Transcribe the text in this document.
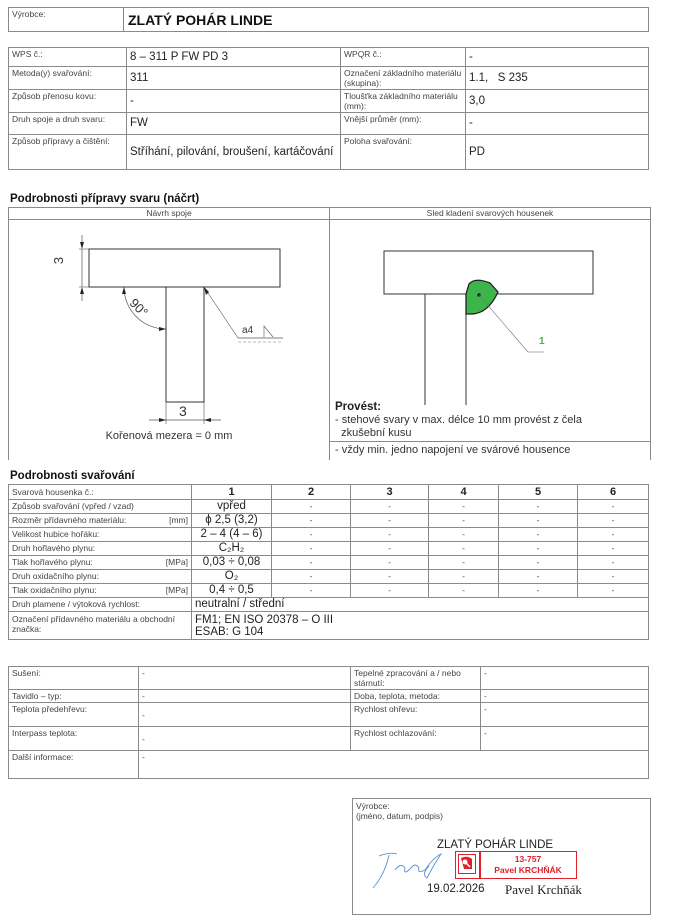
Výrobce:	ZLATÝ POHÁR LINDE
WPS č.:	8 – 311 P FW PD 3	WPQR č.:	-
Metoda(y) svařování:	311	Označení základního materiálu (skupina):	1.1,   S 235
Způsob přenosu kovu:	-	Tloušťka základního materiálu (mm):	3,0
Druh spoje a druh svaru:	FW	Vnější průměr (mm):	-
Způsob přípravy a čištění:	Stříhání, pilování, broušení, kartáčování	Poloha svařování:	PD
Podrobnosti přípravy svaru (náčrt)
Návrh spoje	Sled kladení svarových housenek
3
90°
a4
3
Kořenová mezera = 0 mm
1
Provést:
- stehové svary v max. délce 10 mm provést z čela
zkušební kusu
- vždy min. jedno napojení ve svárové housence
Podrobnosti svařování
Svarová housenka č.:	1	2	3	4	5	6
Způsob svařování (vpřed / vzad)	vpřed	-	-	-	-	-
Rozměr přídavného materiálu: [mm]	ϕ 2,5 (3,2)	-	-	-	-	-
Velikost hubice hořáku:	2 – 4 (4 – 6)	-	-	-	-	-
Druh hořlavého plynu:	C₂H₂	-	-	-	-	-
Tlak hořlavého plynu: [MPa]	0,03 ÷ 0,08	-	-	-	-	-
Druh oxidačního plynu:	O₂	-	-	-	-	-
Tlak oxidačního plynu: [MPa]	0,4 ÷ 0,5	-	-	-	-	-
Druh plamene / výtoková rychlost:	neutralní / střední					
Označení přídavného materiálu a obchodní značka:	FM1; EN ISO 20378 – O III
ESAB: G 104					
Sušení:	-	Tepelné zpracování a / nebo stárnutí:	-
Tavidlo – typ:	-	Doba, teplota, metoda:	-
Teplota předehřevu:	-	Rychlost ohřevu:	-
Interpass teplota:	-	Rychlost ochlazování:	-
Další informace:	-		
Výrobce:
(jméno, datum, podpis)
ZLATÝ POHÁR LINDE
13-757
Pavel KRCHŇÁK
19.02.2026 Pavel Krchňák
